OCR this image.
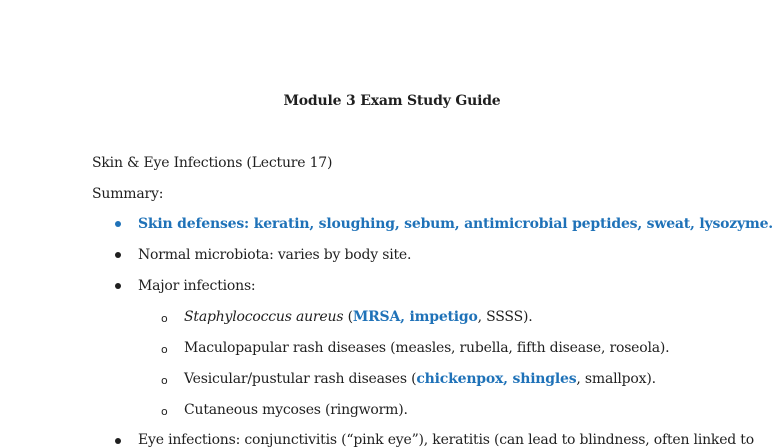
Module 3 Exam Study Guide
Skin & Eye Infections (Lecture 17)
Summary:
Skin defenses: keratin, sloughing, sebum, antimicrobial peptides, sweat, lysozyme.
Normal microbiota: varies by body site.
Major infections:
o Staphylococcus aureus (MRSA, impetigo, SSSS).
o Maculopapular rash diseases (measles, rubella, fifth disease, roseola).
o Vesicular/pustular rash diseases (chickenpox, shingles, smallpox).
o Cutaneous mycoses (ringworm).
Eye infections: conjunctivitis (“pink eye”), keratitis (can lead to blindness, often linked to
